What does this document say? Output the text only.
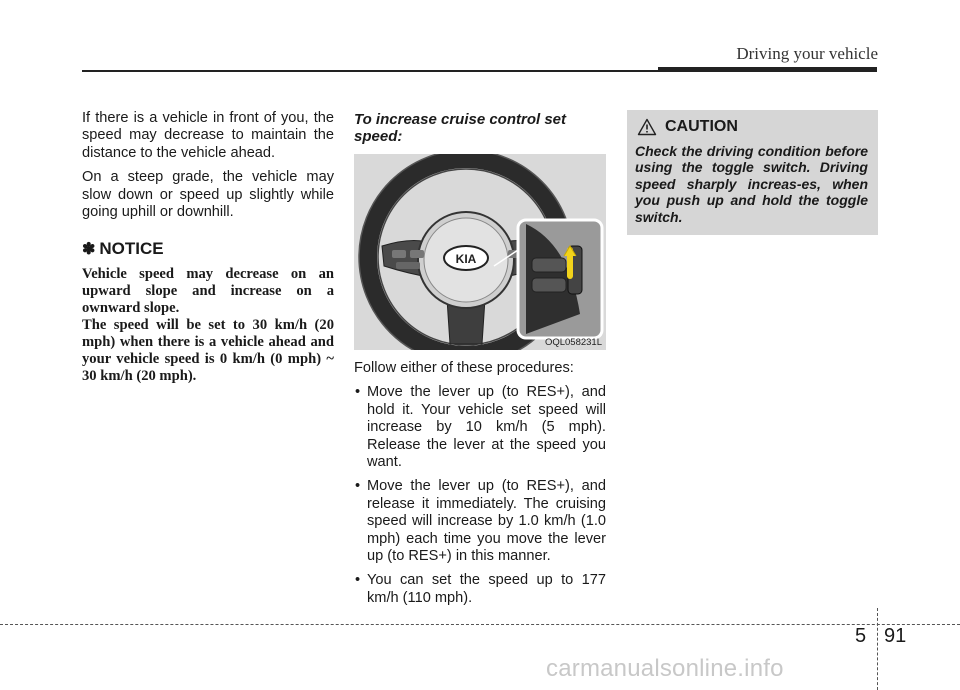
Driving your vehicle

If there is a vehicle in front of you, the speed may decrease to maintain the distance to the vehicle ahead.

On a steep grade, the vehicle may slow down or speed up slightly while going uphill or downhill.

✽ NOTICE

Vehicle speed may decrease on an upward slope and increase on a ownward slope.

The speed will be set to 30 km/h (20 mph) when there is a vehicle ahead and your vehicle speed is 0 km/h (0 mph) ~ 30 km/h (20 mph).

To increase cruise control set speed:
KIA
OQL058231L

Follow either of these procedures:

• Move the lever up (to RES+), and hold it. Your vehicle set speed will increase by 10 km/h (5 mph). Release the lever at the speed you want.
• Move the lever up (to RES+), and release it immediately. The cruising speed will increase by 1.0 km/h (1.0 mph) each time you move the lever up (to RES+) in this manner.
• You can set the speed up to 177 km/h (110 mph).
CAUTION

Check the driving condition before using the toggle switch. Driving speed sharply increas-es, when you push up and hold the toggle switch.

5 91
carmanualsonline.info
